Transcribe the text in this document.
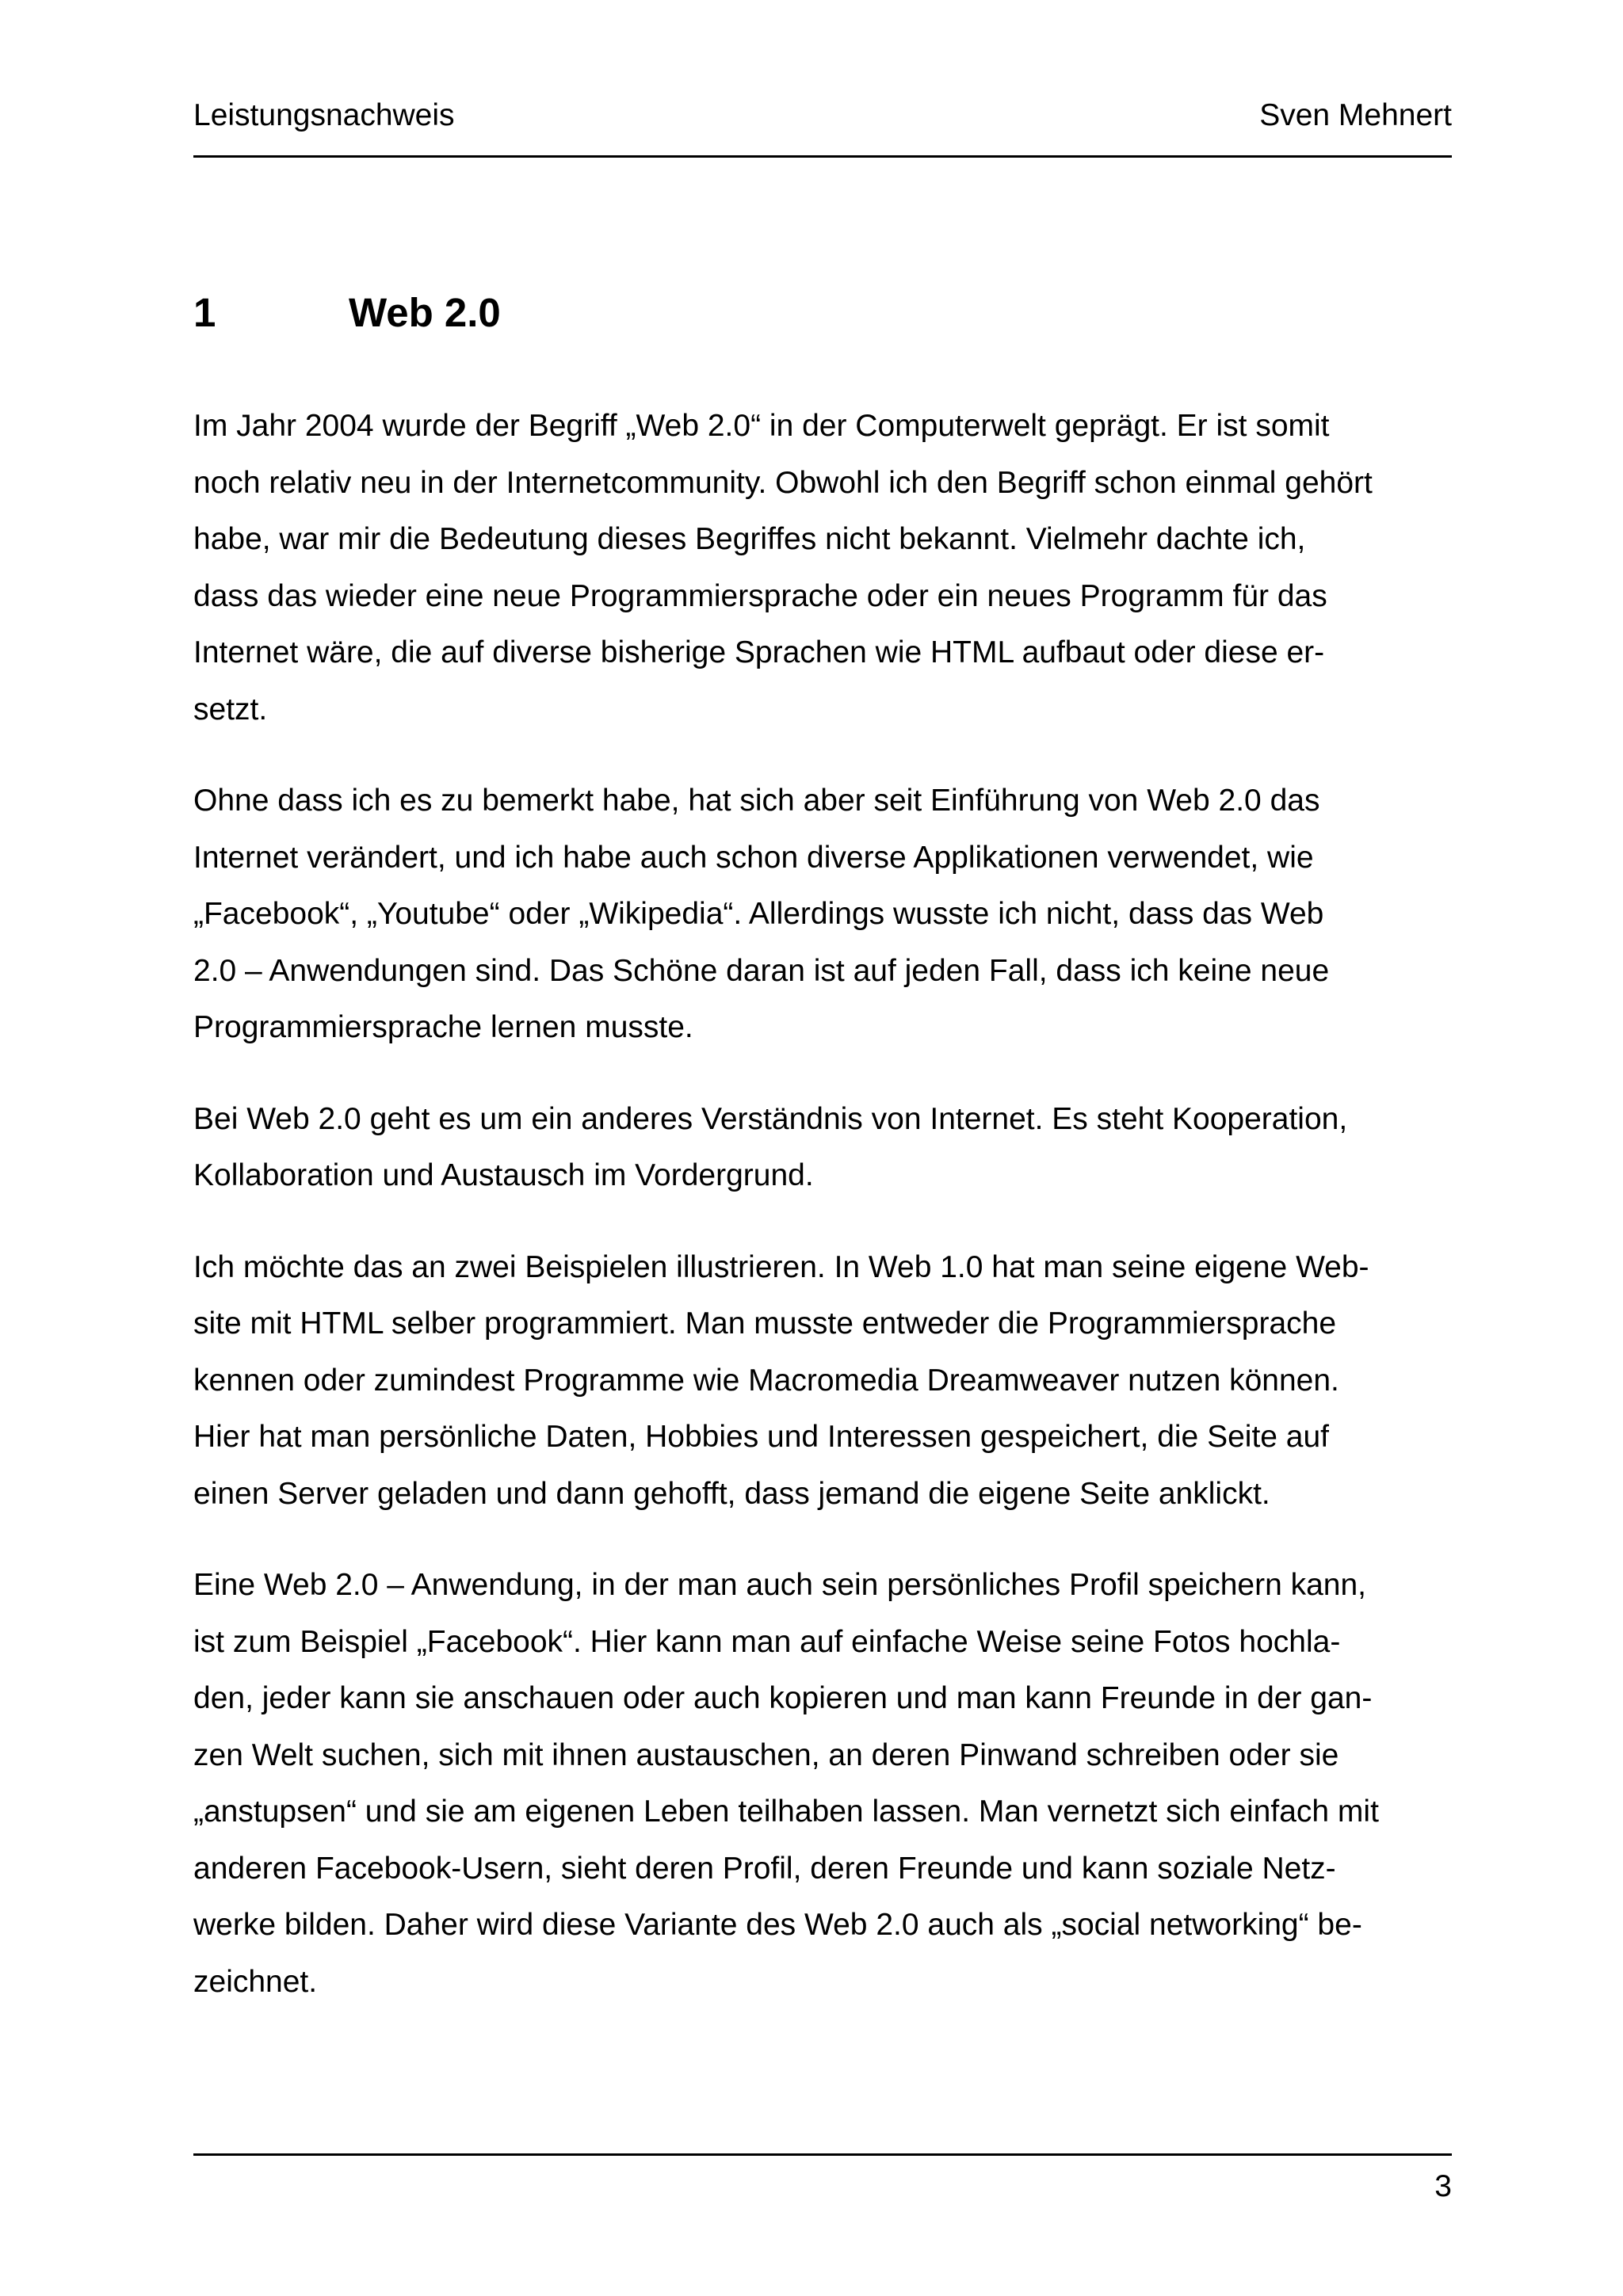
Leistungsnachweis	Sven Mehnert
1	Web 2.0

Im Jahr 2004 wurde der Begriff „Web 2.0“ in der Computerwelt geprägt. Er ist somit
noch relativ neu in der Internetcommunity. Obwohl ich den Begriff schon einmal gehört
habe, war mir die Bedeutung dieses Begriffes nicht bekannt. Vielmehr dachte ich,
dass das wieder eine neue Programmiersprache oder ein neues Programm für das
Internet wäre, die auf diverse bisherige Sprachen wie HTML aufbaut oder diese er-
setzt.

Ohne dass ich es zu bemerkt habe, hat sich aber seit Einführung von Web 2.0 das
Internet verändert, und ich habe auch schon diverse Applikationen verwendet, wie
„Facebook“, „Youtube“ oder „Wikipedia“. Allerdings wusste ich nicht, dass das Web
2.0 – Anwendungen sind. Das Schöne daran ist auf jeden Fall, dass ich keine neue
Programmiersprache lernen musste.

Bei Web 2.0 geht es um ein anderes Verständnis von Internet. Es steht Kooperation,
Kollaboration und Austausch im Vordergrund.

Ich möchte das an zwei Beispielen illustrieren. In Web 1.0 hat man seine eigene Web-
site mit HTML selber programmiert. Man musste entweder die Programmiersprache
kennen oder zumindest Programme wie Macromedia Dreamweaver nutzen können.
Hier hat man persönliche Daten, Hobbies und Interessen gespeichert, die Seite auf
einen Server geladen und dann gehofft, dass jemand die eigene Seite anklickt.

Eine Web 2.0 – Anwendung, in der man auch sein persönliches Profil speichern kann,
ist zum Beispiel „Facebook“. Hier kann man auf einfache Weise seine Fotos hochla-
den, jeder kann sie anschauen oder auch kopieren und man kann Freunde in der gan-
zen Welt suchen, sich mit ihnen austauschen, an deren Pinwand schreiben oder sie
„anstupsen“ und sie am eigenen Leben teilhaben lassen. Man vernetzt sich einfach mit
anderen Facebook-Usern, sieht deren Profil, deren Freunde und kann soziale Netz-
werke bilden. Daher wird diese Variante des Web 2.0 auch als „social networking“ be-
zeichnet.

3
